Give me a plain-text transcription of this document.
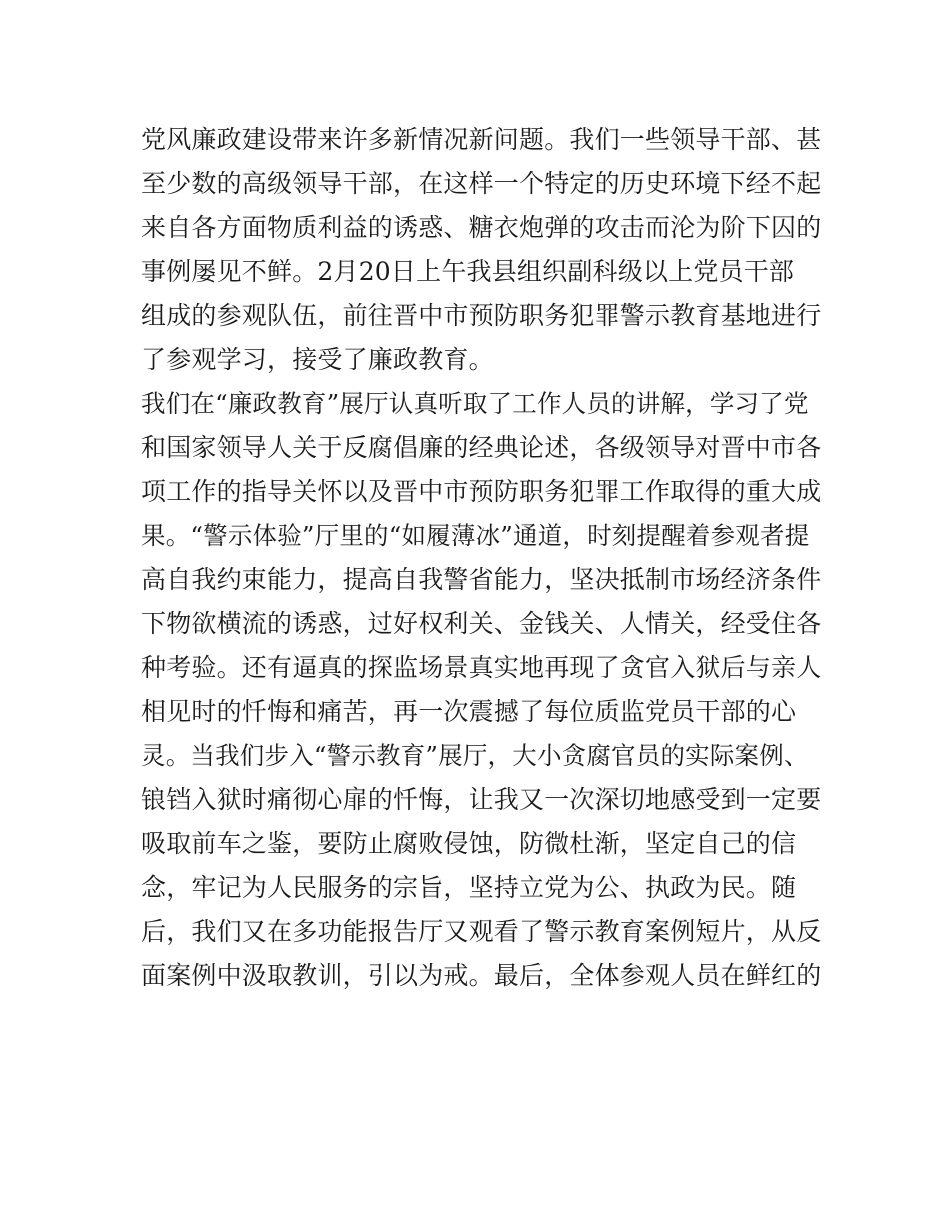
党风廉政建设带来许多新情况新问题。我们一些领导干部、甚
至少数的高级领导干部，在这样一个特定的历史环境下经不起
来自各方面物质利益的诱惑、糖衣炮弹的攻击而沦为阶下囚的
事例屡见不鲜。2月20日上午我县组织副科级以上党员干部
组成的参观队伍，前往晋中市预防职务犯罪警示教育基地进行
了参观学习，接受了廉政教育。
我们在“廉政教育”展厅认真听取了工作人员的讲解，学习了党
和国家领导人关于反腐倡廉的经典论述，各级领导对晋中市各
项工作的指导关怀以及晋中市预防职务犯罪工作取得的重大成
果。“警示体验”厅里的“如履薄冰”通道，时刻提醒着参观者提
高自我约束能力，提高自我警省能力，坚决抵制市场经济条件
下物欲横流的诱惑，过好权利关、金钱关、人情关，经受住各
种考验。还有逼真的探监场景真实地再现了贪官入狱后与亲人
相见时的忏悔和痛苦，再一次震撼了每位质监党员干部的心
灵。当我们步入“警示教育”展厅，大小贪腐官员的实际案例、
锒铛入狱时痛彻心扉的忏悔，让我又一次深切地感受到一定要
吸取前车之鉴，要防止腐败侵蚀，防微杜渐，坚定自己的信
念，牢记为人民服务的宗旨，坚持立党为公、执政为民。随
后，我们又在多功能报告厅又观看了警示教育案例短片，从反
面案例中汲取教训，引以为戒。最后，全体参观人员在鲜红的
